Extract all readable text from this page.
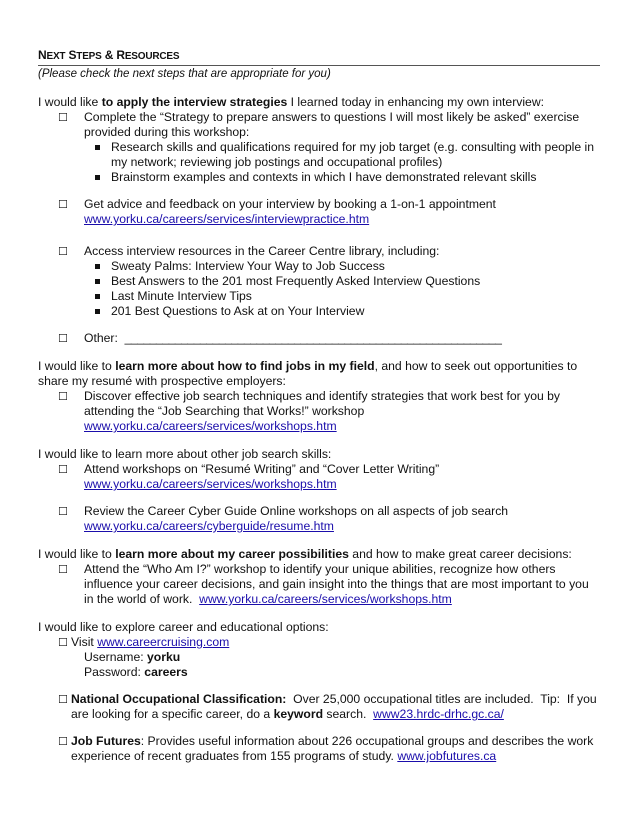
NEXT STEPS & RESOURCES
(Please check the next steps that are appropriate for you)

I would like to apply the interview strategies I learned today in enhancing my own interview:

☐ Complete the “Strategy to prepare answers to questions I will most likely be asked” exercise provided during this workshop:
Research skills and qualifications required for my job target (e.g. consulting with people in my network; reviewing job postings and occupational profiles)
Brainstorm examples and contexts in which I have demonstrated relevant skills
☐ Get advice and feedback on your interview by booking a 1-on-1 appointment
www.yorku.ca/careers/services/interviewpractice.htm
☐ Access interview resources in the Career Centre library, including:
Sweaty Palms: Interview Your Way to Job Success
Best Answers to the 201 most Frequently Asked Interview Questions
Last Minute Interview Tips
201 Best Questions to Ask at on Your Interview
☐ Other: ____________________________________________________________

I would like to learn more about how to find jobs in my field, and how to seek out opportunities to share my resumé with prospective employers:

☐ Discover effective job search techniques and identify strategies that work best for you by attending the “Job Searching that Works!” workshop www.yorku.ca/careers/services/workshops.htm

I would like to learn more about other job search skills:

☐ Attend workshops on “Resumé Writing” and “Cover Letter Writing”
www.yorku.ca/careers/services/workshops.htm
☐ Review the Career Cyber Guide Online workshops on all aspects of job search
www.yorku.ca/careers/cyberguide/resume.htm

I would like to learn more about my career possibilities and how to make great career decisions:

☐ Attend the “Who Am I?” workshop to identify your unique abilities, recognize how others influence your career decisions, and gain insight into the things that are most important to you in the world of work. www.yorku.ca/careers/services/workshops.htm

I would like to explore career and educational options:

☐ Visit www.careercruising.com
Username: yorku
Password: careers
☐ National Occupational Classification:  Over 25,000 occupational titles are included.  Tip:  If you are looking for a specific career, do a keyword search.  www23.hrdc-drhc.gc.ca/
☐ Job Futures: Provides useful information about 226 occupational groups and describes the work experience of recent graduates from 155 programs of study. www.jobfutures.ca
